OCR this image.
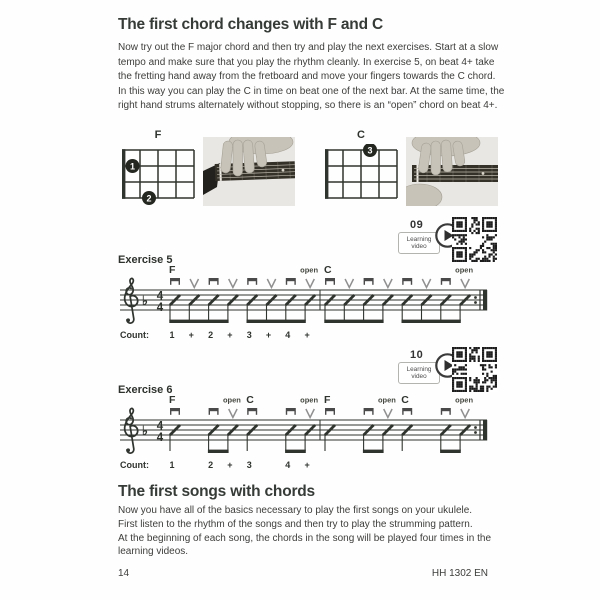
The first chord changes with F and C
Now try out the F major chord and then try and play the next exercises. Start at a slow
tempo and make sure that you play the rhythm cleanly. In exercise 5, on beat 4+ take
the fretting hand away from the fretboard and move your fingers towards the C chord.
In this way you can play the C in time on beat one of the next bar. At the same time, the
right hand strums alternately without stopping, so there is an “open” chord on beat 4+.
F
1
2
C
3
09
Learning video
Exercise 5
♭ 4
4
F	open C	open
Count: 1 + 2 + 3 + 4 +
10
Learning video
Exercise 6
♭ 4
4
F	open C	open F	open C	open
Count: 1	2 + 3	4 +
The first songs with chords
Now you have all of the basics necessary to play the first songs on your ukulele.
First listen to the rhythm of the songs and then try to play the strumming pattern.
At the beginning of each song, the chords in the song will be played four times in the
learning videos.
14	HH 1302 EN
